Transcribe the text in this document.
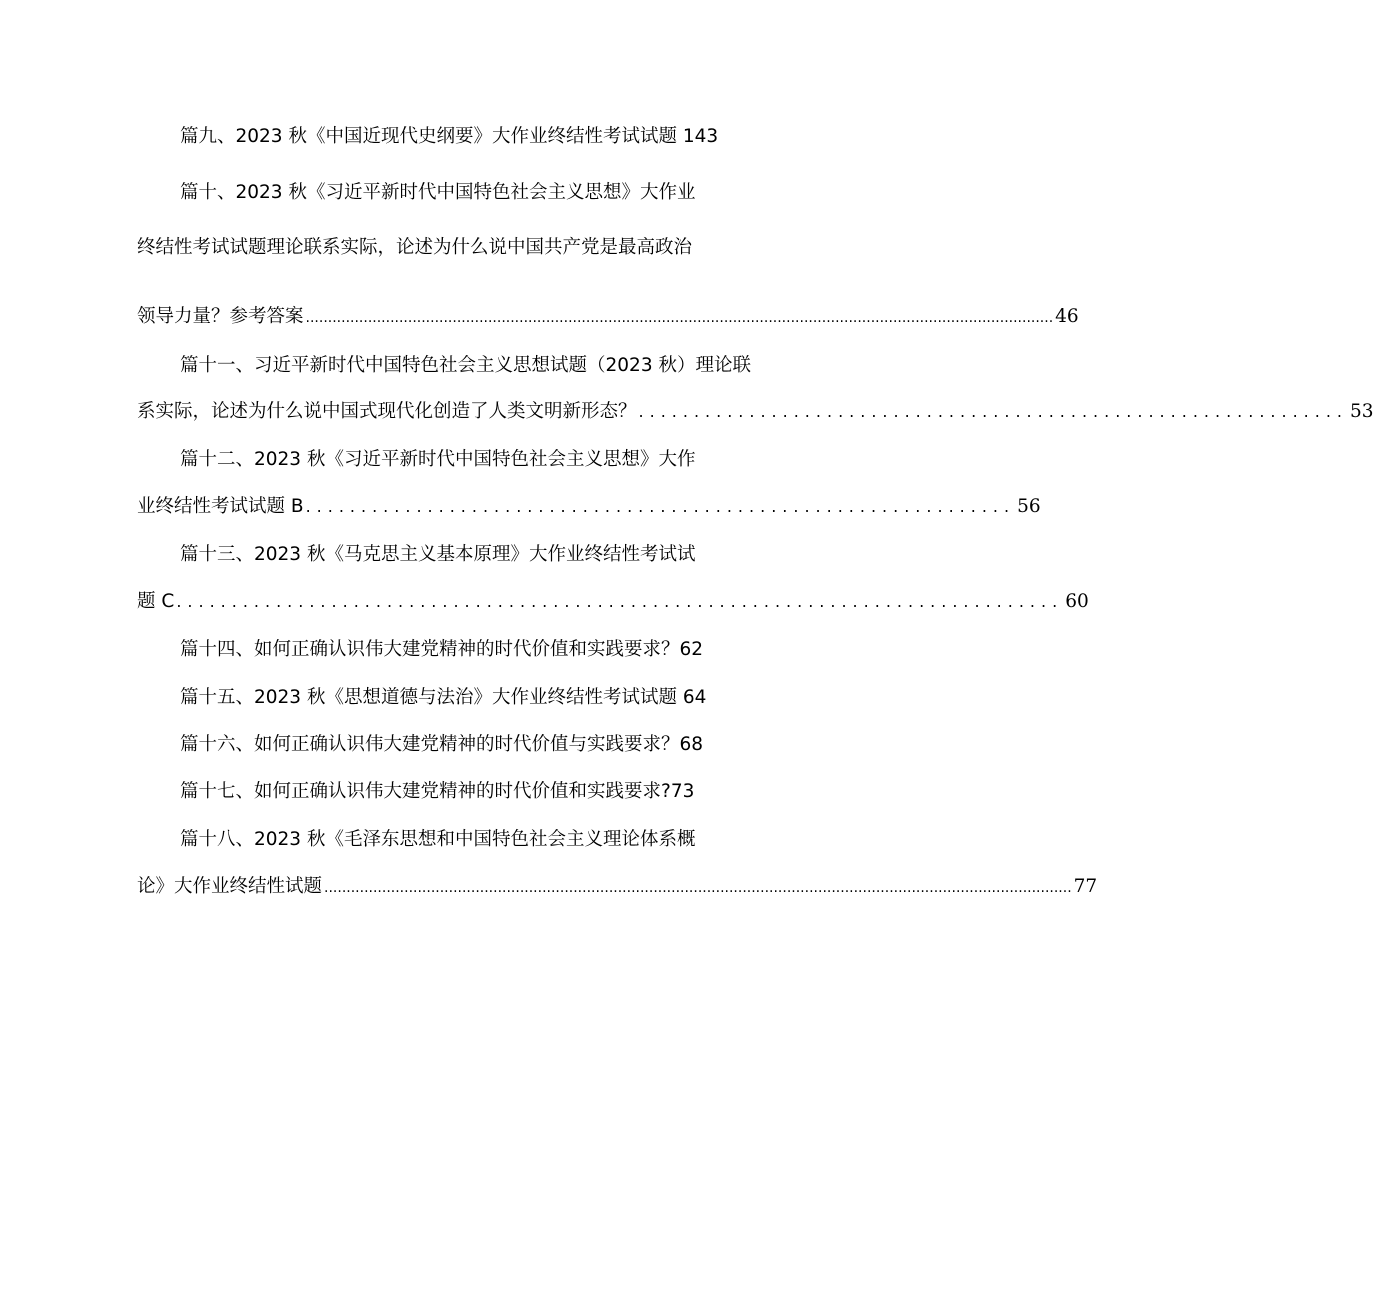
篇九、2023 秋《中国近现代史纲要》大作业终结性考试试题 143
篇十、2023 秋《习近平新时代中国特色社会主义思想》大作业
终结性考试试题理论联系实际，论述为什么说中国共产党是最高政治
领导力量？参考答案 ........................................................................................................................................................................ 46
篇十一、习近平新时代中国特色社会主义思想试题（2023 秋）理论联
系实际，论述为什么说中国式现代化创造了人类文明新形态？ ................................................................ 53
篇十二、2023 秋《习近平新时代中国特色社会主义思想》大作
业终结性考试试题 B ................................................................ 56
篇十三、2023 秋《马克思主义基本原理》大作业终结性考试试
题 C ................................................................................ 60
篇十四、如何正确认识伟大建党精神的时代价值和实践要求？62
篇十五、2023 秋《思想道德与法治》大作业终结性考试试题 64
篇十六、如何正确认识伟大建党精神的时代价值与实践要求？68
篇十七、如何正确认识伟大建党精神的时代价值和实践要求?73
篇十八、2023 秋《毛泽东思想和中国特色社会主义理论体系概
论》大作业终结性试题 ........................................................................................................................................................................ 77
